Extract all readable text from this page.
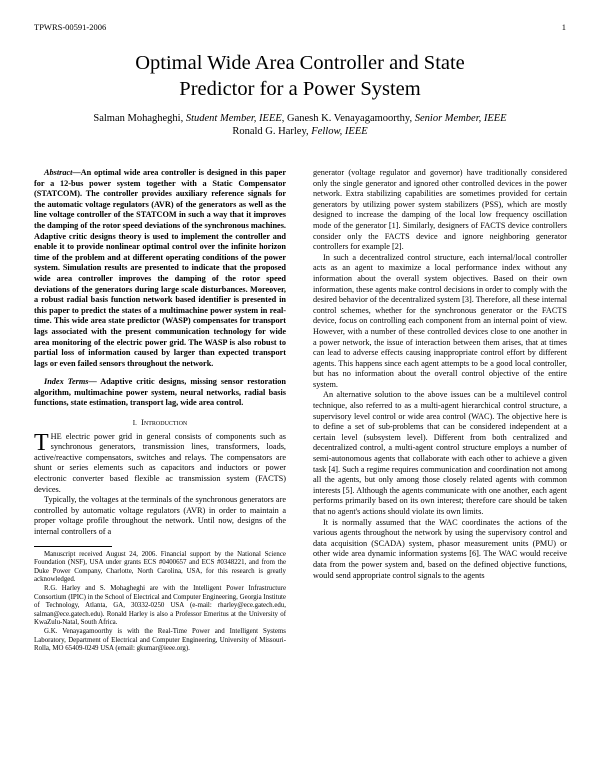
TPWRS-00591-2006	1
Optimal Wide Area Controller and State
Predictor for a Power System
Salman Mohagheghi, Student Member, IEEE, Ganesh K. Venayagamoorthy, Senior Member, IEEE
Ronald G. Harley, Fellow, IEEE

Abstract—An optimal wide area controller is designed in this paper for a 12-bus power system together with a Static Compensator (STATCOM). The controller provides auxiliary reference signals for the automatic voltage regulators (AVR) of the generators as well as the line voltage controller of the STATCOM in such a way that it improves the damping of the rotor speed deviations of the synchronous machines. Adaptive critic designs theory is used to implement the controller and enable it to provide nonlinear optimal control over the infinite horizon time of the problem and at different operating conditions of the power system. Simulation results are presented to indicate that the proposed wide area controller improves the damping of the rotor speed deviations of the generators during large scale disturbances. Moreover, a robust radial basis function network based identifier is presented in this paper to predict the states of a multimachine power system in real-time. This wide area state predictor (WASP) compensates for transport lags associated with the present communication technology for wide area monitoring of the electric power grid. The WASP is also robust to partial loss of information caused by larger than expected transport lags or even failed sensors throughout the network.

Index Terms— Adaptive critic designs, missing sensor restoration algorithm, multimachine power system, neural networks, radial basis functions, state estimation, transport lag, wide area control.

I. Introduction

THE electric power grid in general consists of components such as synchronous generators, transmission lines, transformers, loads, active/reactive compensators, switches and relays. The compensators are shunt or series elements such as capacitors and inductors or power electronic converter based flexible ac transmission system (FACTS) devices.

Typically, the voltages at the terminals of the synchronous generators are controlled by automatic voltage regulators (AVR) in order to maintain a proper voltage profile throughout the network. Until now, designs of the internal controllers of a

Manuscript received August 24, 2006. Financial support by the National Science Foundation (NSF), USA under grants ECS #0400657 and ECS #0348221, and from the Duke Power Company, Charlotte, North Carolina, USA, for this research is greatly acknowledged.

R.G. Harley and S. Mohagheghi are with the Intelligent Power Infrastructure Consortium (IPIC) in the School of Electrical and Computer Engineering, Georgia Institute of Technology, Atlanta, GA, 30332-0250 USA (e-mail: rharley@ece.gatech.edu, salman@ece.gatech.edu). Ronald Harley is also a Professor Emeritus at the University of KwaZulu-Natal, South Africa.

G.K. Venayagamoorthy is with the Real-Time Power and Intelligent Systems Laboratory, Department of Electrical and Computer Engineering, University of Missouri-Rolla, MO 65409-0249 USA (email: gkumar@ieee.org).

generator (voltage regulator and governor) have traditionally considered only the single generator and ignored other controlled devices in the power network. Extra stabilizing capabilities are sometimes provided for certain generators by utilizing power system stabilizers (PSS), which are mostly designed to increase the damping of the local low frequency oscillation mode of the generator [1]. Similarly, designers of FACTS device controllers consider only the FACTS device and ignore neighboring generator controllers for example [2].

In such a decentralized control structure, each internal/local controller acts as an agent to maximize a local performance index without any information about the overall system objectives. Based on their own information, these agents make control decisions in order to comply with the desired behavior of the decentralized system [3]. Therefore, all these internal control schemes, whether for the synchronous generator or the FACTS device, focus on controlling each component from an internal point of view. However, with a number of these controlled devices close to one another in a power network, the issue of interaction between them arises, that at times can lead to adverse effects causing inappropriate control effort by different agents. This happens since each agent attempts to be a good local controller, but has no information about the overall control objective of the entire system.

An alternative solution to the above issues can be a multilevel control technique, also referred to as a multi-agent hierarchical control structure, a supervisory level control or wide area control (WAC). The objective here is to define a set of sub-problems that can be considered independent at a certain level (subsystem level). Different from both centralized and decentralized control, a multi-agent control structure employs a number of semi-autonomous agents that collaborate with each other to achieve a given task [4]. Such a regime requires communication and coordination not among all the agents, but only among those closely related agents with common interests [5]. Although the agents communicate with one another, each agent performs primarily based on its own interest; therefore care should be taken that no agent's actions should violate its own limits.

It is normally assumed that the WAC coordinates the actions of the various agents throughout the network by using the supervisory control and data acquisition (SCADA) system, phasor measurement units (PMU) or other wide area dynamic information systems [6]. The WAC would receive data from the power system and, based on the defined objective functions, would send appropriate control signals to the agents
